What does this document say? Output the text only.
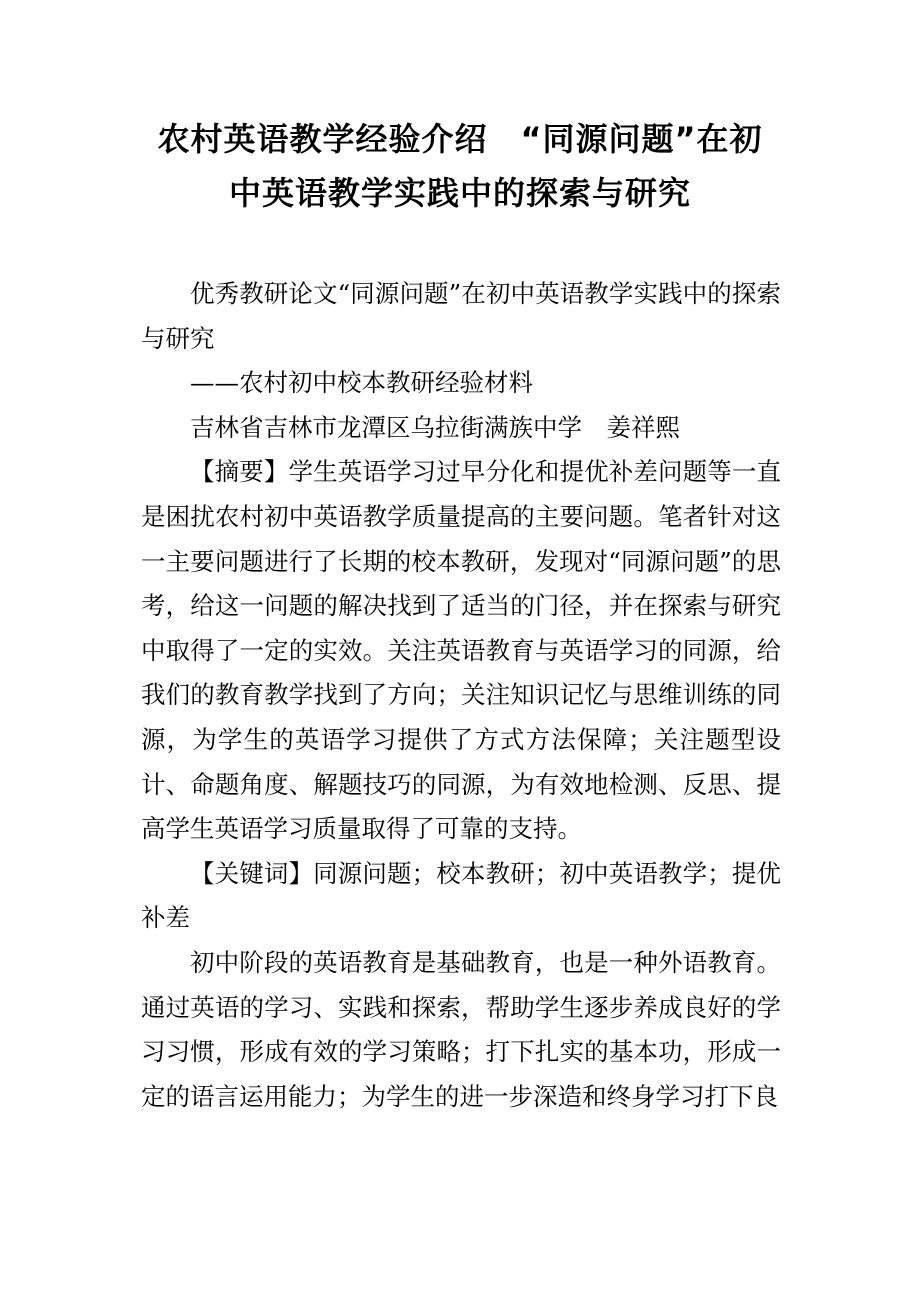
农村英语教学经验介绍　“同源问题”在初
中英语教学实践中的探索与研究

优秀教研论文“同源问题”在初中英语教学实践中的探索与研究

——农村初中校本教研经验材料

吉林省吉林市龙潭区乌拉街满族中学　姜祥熙

【摘要】学生英语学习过早分化和提优补差问题等一直是困扰农村初中英语教学质量提高的主要问题。笔者针对这一主要问题进行了长期的校本教研，发现对“同源问题”的思考，给这一问题的解决找到了适当的门径，并在探索与研究中取得了一定的实效。关注英语教育与英语学习的同源，给我们的教育教学找到了方向；关注知识记忆与思维训练的同源，为学生的英语学习提供了方式方法保障；关注题型设计、命题角度、解题技巧的同源，为有效地检测、反思、提高学生英语学习质量取得了可靠的支持。

【关键词】同源问题；校本教研；初中英语教学；提优补差

初中阶段的英语教育是基础教育，也是一种外语教育。通过英语的学习、实践和探索，帮助学生逐步养成良好的学习习惯，形成有效的学习策略；打下扎实的基本功，形成一定的语言运用能力；为学生的进一步深造和终身学习打下良
